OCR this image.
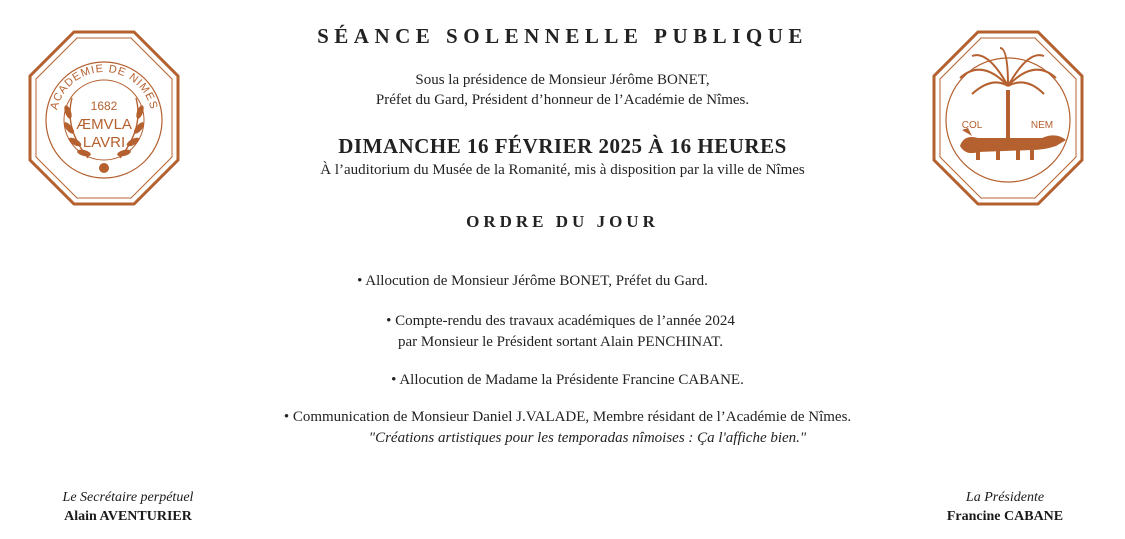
ACADEMIE DE NIMES
1682
ÆMVLA
LAVRI
COL	NEM
SÉANCE SOLENNELLE PUBLIQUE
Sous la présidence de Monsieur Jérôme BONET,
Préfet du Gard, Président d’honneur de l’Académie de Nîmes.
DIMANCHE 16 FÉVRIER 2025 À 16 HEURES
À l’auditorium du Musée de la Romanité, mis à disposition par la ville de Nîmes
ORDRE DU JOUR
• Allocution de Monsieur Jérôme BONET, Préfet du Gard.
• Compte-rendu des travaux académiques de l’année 2024
par Monsieur le Président sortant Alain PENCHINAT.
• Allocution de Madame la Présidente Francine CABANE.
• Communication de Monsieur Daniel J.VALADE, Membre résidant de l’Académie de Nîmes.
"Créations artistiques pour les temporadas nîmoises : Ça l'affiche bien."
Le Secrétaire perpétuel
Alain AVENTURIER
La Présidente
Francine CABANE
